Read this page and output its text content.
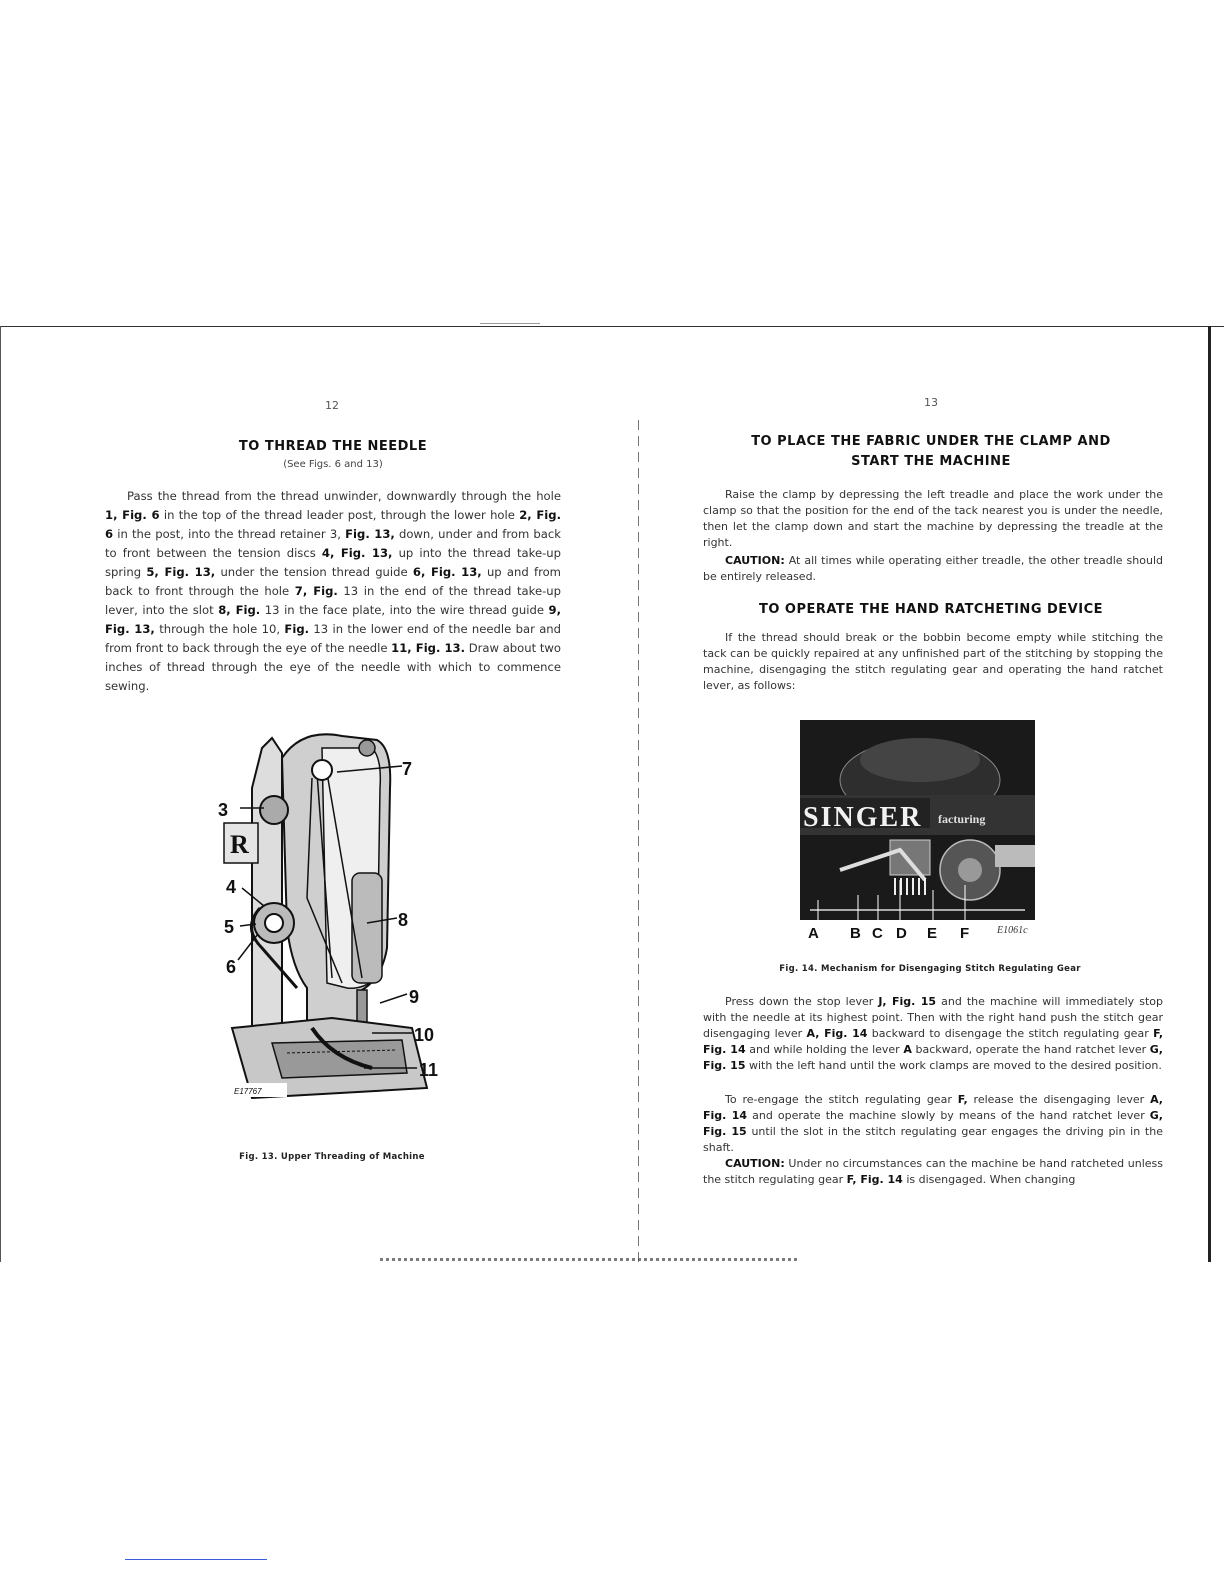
12
TO THREAD THE NEEDLE
(See Figs. 6 and 13)

Pass the thread from the thread unwinder, downwardly through the hole 1, Fig. 6 in the top of the thread leader post, through the lower hole 2, Fig. 6 in the post, into the thread retainer 3, Fig. 13, down, under and from back to front between the tension discs 4, Fig. 13, up into the thread take-up spring 5, Fig. 13, under the tension thread guide 6, Fig. 13, up and from back to front through the hole 7, Fig. 13 in the end of the thread take-up lever, into the slot 8, Fig. 13 in the face plate, into the wire thread guide 9, Fig. 13, through the hole 10, Fig. 13 in the lower end of the needle bar and from front to back through the eye of the needle 11, Fig. 13. Draw about two inches of thread through the eye of the needle with which to commence sewing.

R
E17767
7
3
4
5	8
6
9
10
11
Fig. 13. Upper Threading of Machine
13
TO PLACE THE FABRIC UNDER THE CLAMP AND
START THE MACHINE

Raise the clamp by depressing the left treadle and place the work under the clamp so that the position for the end of the tack nearest you is under the needle, then let the clamp down and start the machine by depressing the treadle at the right.

CAUTION: At all times while operating either treadle, the other treadle should be entirely released.

TO OPERATE THE HAND RATCHETING DEVICE

If the thread should break or the bobbin become empty while stitching the tack can be quickly repaired at any unfinished part of the stitching by stopping the machine, disengaging the stitch regulating gear and operating the hand ratchet lever, as follows:

SINGER facturing
A B C D E F	E1061c
Fig. 14. Mechanism for Disengaging Stitch Regulating Gear

Press down the stop lever J, Fig. 15 and the machine will immediately stop with the needle at its highest point. Then with the right hand push the stitch gear disengaging lever A, Fig. 14 backward to disengage the stitch regulating gear F, Fig. 14 and while holding the lever A backward, operate the hand ratchet lever G, Fig. 15 with the left hand until the work clamps are moved to the desired position.

To re-engage the stitch regulating gear F, release the disengaging lever A, Fig. 14 and operate the machine slowly by means of the hand ratchet lever G, Fig. 15 until the slot in the stitch regulating gear engages the driving pin in the shaft.

CAUTION: Under no circumstances can the machine be hand ratcheted unless the stitch regulating gear F, Fig. 14 is disengaged. When changing
